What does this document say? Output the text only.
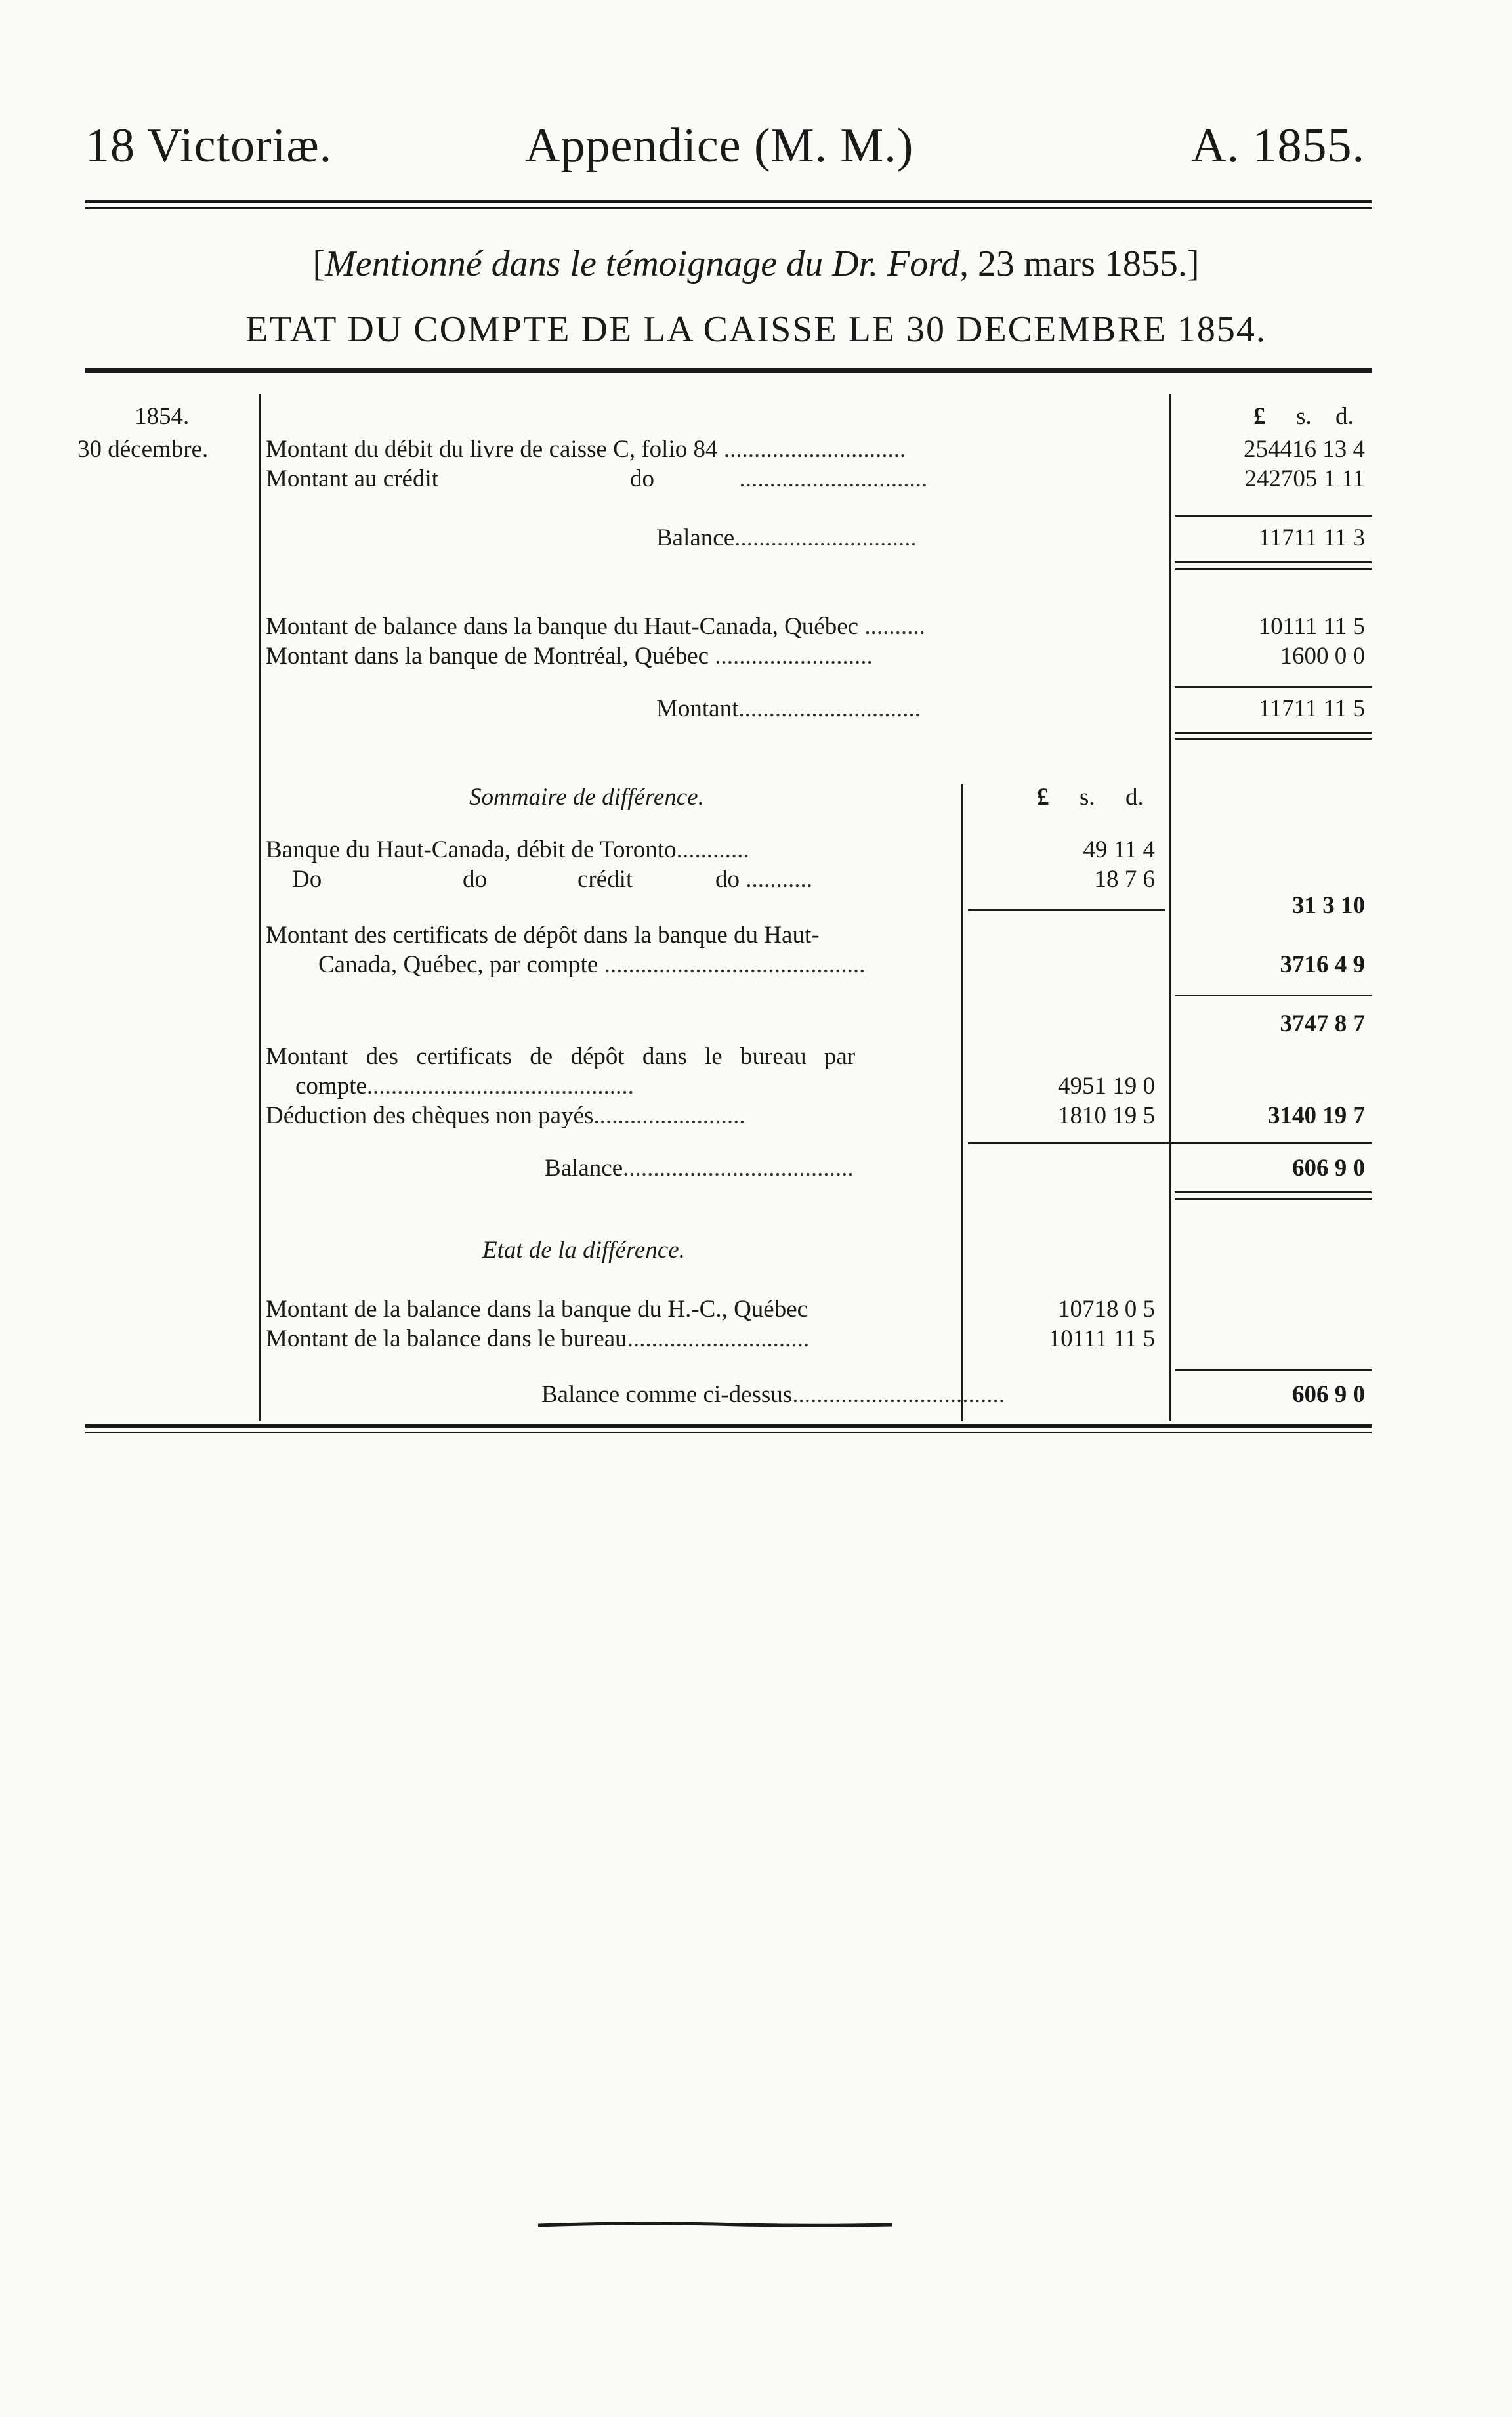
18 Victoriæ.	Appendice (M. M.)	A. 1855.
[Mentionné dans le témoignage du Dr. Ford, 23 mars 1855.]
ETAT DU COMPTE DE LA CAISSE LE 30 DECEMBRE 1854.
1854.
30 décembre.
£ s. d.
Montant du débit du livre de caisse C, folio 84 ..............................	254416 13 4
Montant au crédit	do              ...............................	242705 1 11
Balance..............................	11711 11 3
Montant de balance dans la banque du Haut-Canada, Québec ..........	10111 11 5
Montant dans la banque de Montréal, Québec ..........................	1600 0 0
Montant..............................	11711 11 5
Sommaire de différence.	£ s. d.
Banque du Haut-Canada, débit de Toronto............	49 11 4
Do	do	crédit	do ...........	18 7 6
31 3 10
Montant des certificats de dépôt dans la banque du Haut-
Canada, Québec, par compte ...........................................	3716 4 9
3747 8 7
Montant des certificats de dépôt dans le bureau par
compte............................................	4951 19 0
Déduction des chèques non payés.........................	1810 19 5	3140 19 7
Balance......................................	606 9 0
Etat de la différence.
Montant de la balance dans la banque du H.-C., Québec	10718 0 5
Montant de la balance dans le bureau..............................	10111 11 5
Balance comme ci-dessus...................................	606 9 0
